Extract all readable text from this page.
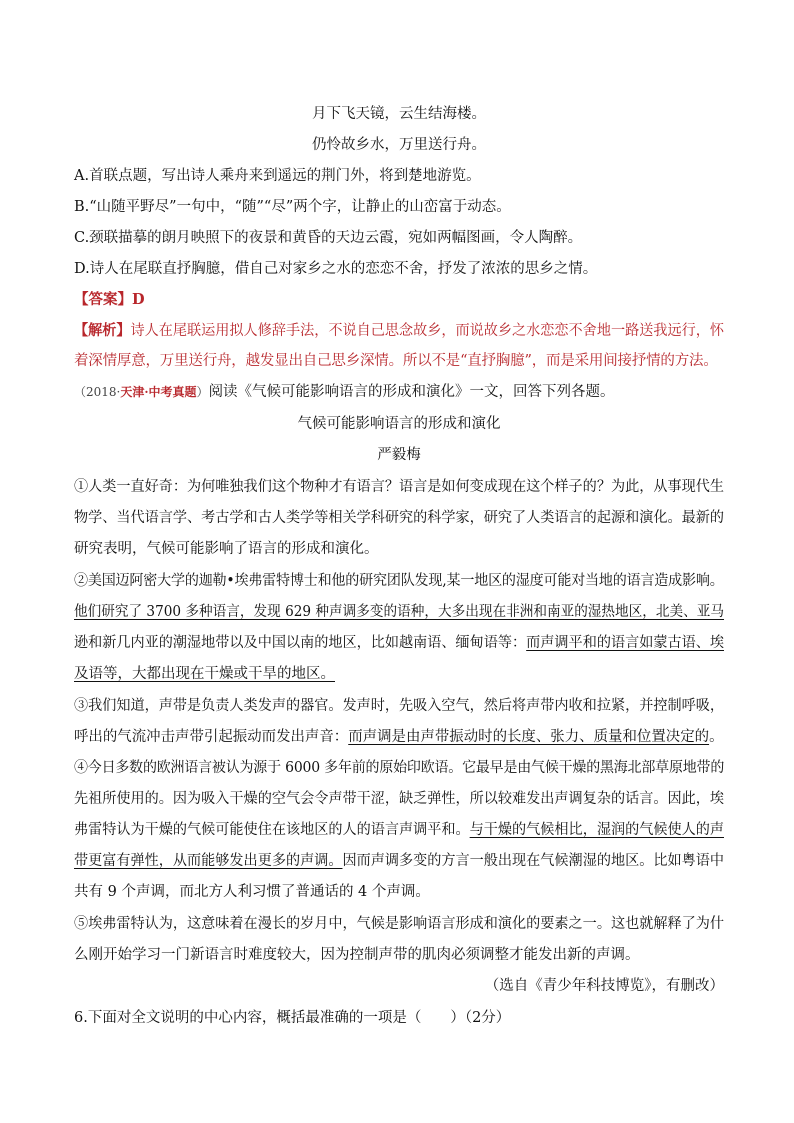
月下飞天镜，云生结海楼。
仍怜故乡水，万里送行舟。
A.首联点题，写出诗人乘舟来到遥远的荆门外，将到楚地游览。
B.“山随平野尽”一句中，“随”“尽”两个字，让静止的山峦富于动态。
C.颈联描摹的朗月映照下的夜景和黄昏的天边云霞，宛如两幅图画，令人陶醉。
D.诗人在尾联直抒胸臆，借自己对家乡之水的恋恋不舍，抒发了浓浓的思乡之情。
【答案】D
【解析】诗人在尾联运用拟人修辞手法，不说自己思念故乡，而说故乡之水恋恋不舍地一路送我远行，怀
着深情厚意，万里送行舟，越发显出自己思乡深情。所以不是“直抒胸臆”，而是采用间接抒情的方法。
（2018·天津·中考真题）阅读《气候可能影响语言的形成和演化》一文，回答下列各题。
气候可能影响语言的形成和演化
严毅梅
①人类一直好奇：为何唯独我们这个物种才有语言？语言是如何变成现在这个样子的？为此，从事现代生
物学、当代语言学、考古学和古人类学等相关学科研究的科学家，研究了人类语言的起源和演化。最新的
研究表明，气候可能影响了语言的形成和演化。
②美国迈阿密大学的迦勒•埃弗雷特博士和他的研究团队发现,某一地区的湿度可能对当地的语言造成影响。
他们研究了 3700 多种语言，发现 629 种声调多变的语种，大多出现在非洲和南亚的湿热地区，北美、亚马
逊和新几内亚的潮湿地带以及中国以南的地区，比如越南语、缅甸语等：而声调平和的语言如蒙古语、埃
及语等，大都出现在干燥或干旱的地区。
③我们知道，声带是负责人类发声的器官。发声时，先吸入空气，然后将声带内收和拉紧，并控制呼吸，
呼出的气流冲击声带引起振动而发出声音：而声调是由声带振动时的长度、张力、质量和位置决定的。
④今日多数的欧洲语言被认为源于 6000 多年前的原始印欧语。它最早是由气候干燥的黑海北部草原地带的
先祖所使用的。因为吸入干燥的空气会令声带干涩，缺乏弹性，所以较难发出声调复杂的话言。因此，埃
弗雷特认为干燥的气候可能使住在该地区的人的语言声调平和。与干燥的气候相比，湿润的气候使人的声
带更富有弹性，从而能够发出更多的声调。因而声调多变的方言一般出现在气候潮湿的地区。比如粤语中
共有 9 个声调，而北方人利习惯了普通话的 4 个声调。
⑤埃弗雷特认为，这意味着在漫长的岁月中，气候是影响语言形成和演化的要素之一。这也就解释了为什
么刚开始学习一门新语言时难度较大，因为控制声带的肌肉必须调整才能发出新的声调。
（选自《青少年科技博览》，有删改）
6.下面对全文说明的中心内容，概括最准确的一项是（　　）（2分）
